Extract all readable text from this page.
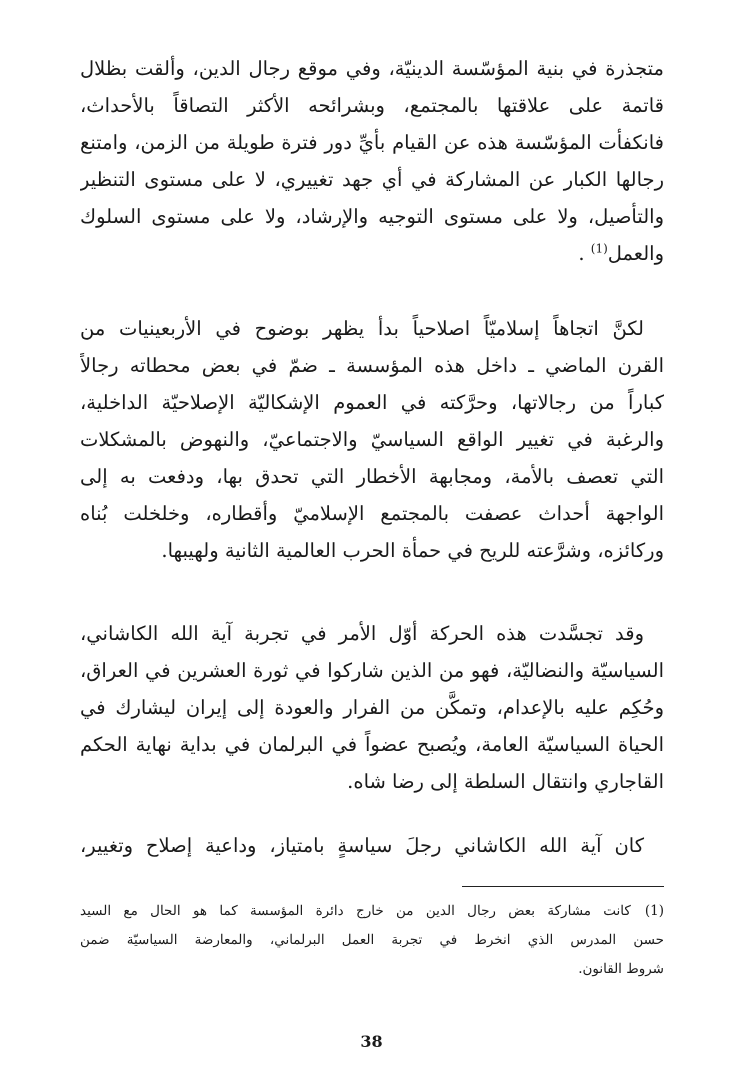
متجذرة في بنية المؤسّسة الدينيّة، وفي موقع رجال الدين، وألقت بظلال
قاتمة على علاقتها بالمجتمع، وبشرائحه الأكثر التصاقاً بالأحداث،
فانكفأت المؤسّسة هذه عن القيام بأيِّ دور فترة طويلة من الزمن، وامتنع
رجالها الكبار عن المشاركة في أي جهد تغييري، لا على مستوى التنظير
والتأصيل، ولا على مستوى التوجيه والإرشاد، ولا على مستوى السلوك
والعمل$^{(1)}$ .
لكنَّ اتجاهاً إسلاميّاً اصلاحياً بدأ يظهر بوضوح في الأربعينيات من
القرن الماضي ـ داخل هذه المؤسسة ـ ضمّ في بعض محطاته رجالاً
كباراً من رجالاتها، وحرَّكته في العموم الإشكاليّة الإصلاحيّة الداخلية،
والرغبة في تغيير الواقع السياسيّ والاجتماعيّ، والنهوض بالمشكلات
التي تعصف بالأمة، ومجابهة الأخطار التي تحدق بها، ودفعت به إلى
الواجهة أحداث عصفت بالمجتمع الإسلاميّ وأقطاره، وخلخلت بُناه
وركائزه، وشرَّعته للريح في حمأة الحرب العالمية الثانية ولهيبها.
وقد تجسَّدت هذه الحركة أوّل الأمر في تجربة آية الله الكاشاني،
السياسيّة والنضاليّة، فهو من الذين شاركوا في ثورة العشرين في العراق،
وحُكِم عليه بالإعدام، وتمكَّن من الفرار والعودة إلى إيران ليشارك في
الحياة السياسيّة العامة، ويُصبح عضواً في البرلمان في بداية نهاية الحكم
القاجاري وانتقال السلطة إلى رضا شاه.
كان آية الله الكاشاني رجلَ سياسةٍ بامتياز، وداعية إصلاح وتغيير،
(1)
كانت مشاركة بعض رجال الدين من خارج دائرة المؤسسة كما هو الحال مع السيد
حسن المدرس الذي انخرط في تجربة العمل البرلماني، والمعارضة السياسيّة ضمن
شروط القانون.
38
